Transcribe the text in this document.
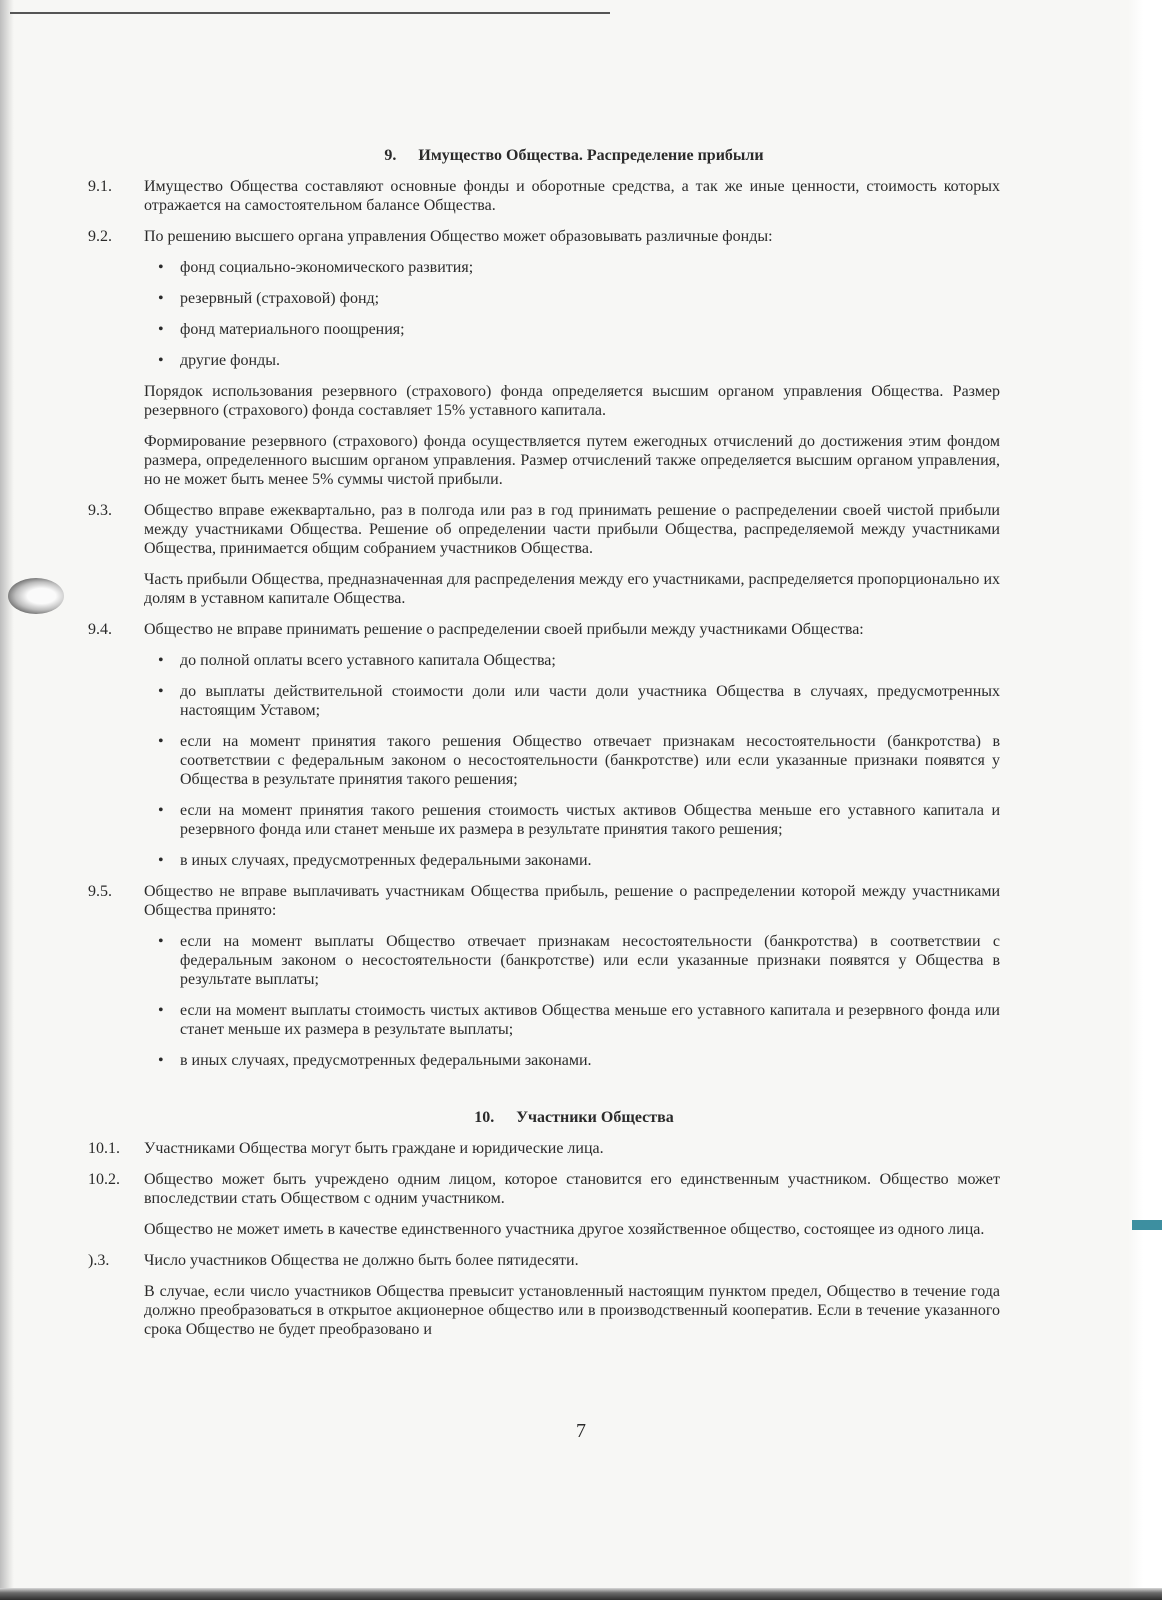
9. Имущество Общества. Распределение прибыли
9.1. Имущество Общества составляют основные фонды и оборотные средства, а так же иные ценности, стоимость которых отражается на самостоятельном балансе Общества.

9.2. По решению высшего органа управления Общество может образовывать различные фонды:

• фонд социально-экономического развития;
• резервный (страховой) фонд;
• фонд материального поощрения;
• другие фонды.

Порядок использования резервного (страхового) фонда определяется высшим органом управления Общества. Размер резервного (страхового) фонда составляет 15% уставного капитала.

Формирование резервного (страхового) фонда осуществляется путем ежегодных отчислений до достижения этим фондом размера, определенного высшим органом управления. Размер отчислений также определяется высшим органом управления, но не может быть менее 5% суммы чистой прибыли.

9.3. Общество вправе ежеквартально, раз в полгода или раз в год принимать решение о распределении своей чистой прибыли между участниками Общества. Решение об определении части прибыли Общества, распределяемой между участниками Общества, принимается общим собранием участников Общества.

Часть прибыли Общества, предназначенная для распределения между его участниками, распределяется пропорционально их долям в уставном капитале Общества.

9.4. Общество не вправе принимать решение о распределении своей прибыли между участниками Общества:

• до полной оплаты всего уставного капитала Общества;
• до выплаты действительной стоимости доли или части доли участника Общества в случаях, предусмотренных настоящим Уставом;
• если на момент принятия такого решения Общество отвечает признакам несостоятельности (банкротства) в соответствии с федеральным законом о несостоятельности (банкротстве) или если указанные признаки появятся у Общества в результате принятия такого решения;
• если на момент принятия такого решения стоимость чистых активов Общества меньше его уставного капитала и резервного фонда или станет меньше их размера в результате принятия такого решения;
• в иных случаях, предусмотренных федеральными законами.
9.5. Общество не вправе выплачивать участникам Общества прибыль, решение о распределении которой между участниками Общества принято:

• если на момент выплаты Общество отвечает признакам несостоятельности (банкротства) в соответствии с федеральным законом о несостоятельности (банкротстве) или если указанные признаки появятся у Общества в результате выплаты;
• если на момент выплаты стоимость чистых активов Общества меньше его уставного капитала и резервного фонда или станет меньше их размера в результате выплаты;
• в иных случаях, предусмотренных федеральными законами.
10. Участники Общества
10.1. Участниками Общества могут быть граждане и юридические лица.

10.2. Общество может быть учреждено одним лицом, которое становится его единственным участником. Общество может впоследствии стать Обществом с одним участником.

Общество не может иметь в качестве единственного участника другое хозяйственное общество, состоящее из одного лица.

).3. Число участников Общества не должно быть более пятидесяти.

В случае, если число участников Общества превысит установленный настоящим пунктом предел, Общество в течение года должно преобразоваться в открытое акционерное общество или в производственный кооператив. Если в течение указанного срока Общество не будет преобразовано и

7
